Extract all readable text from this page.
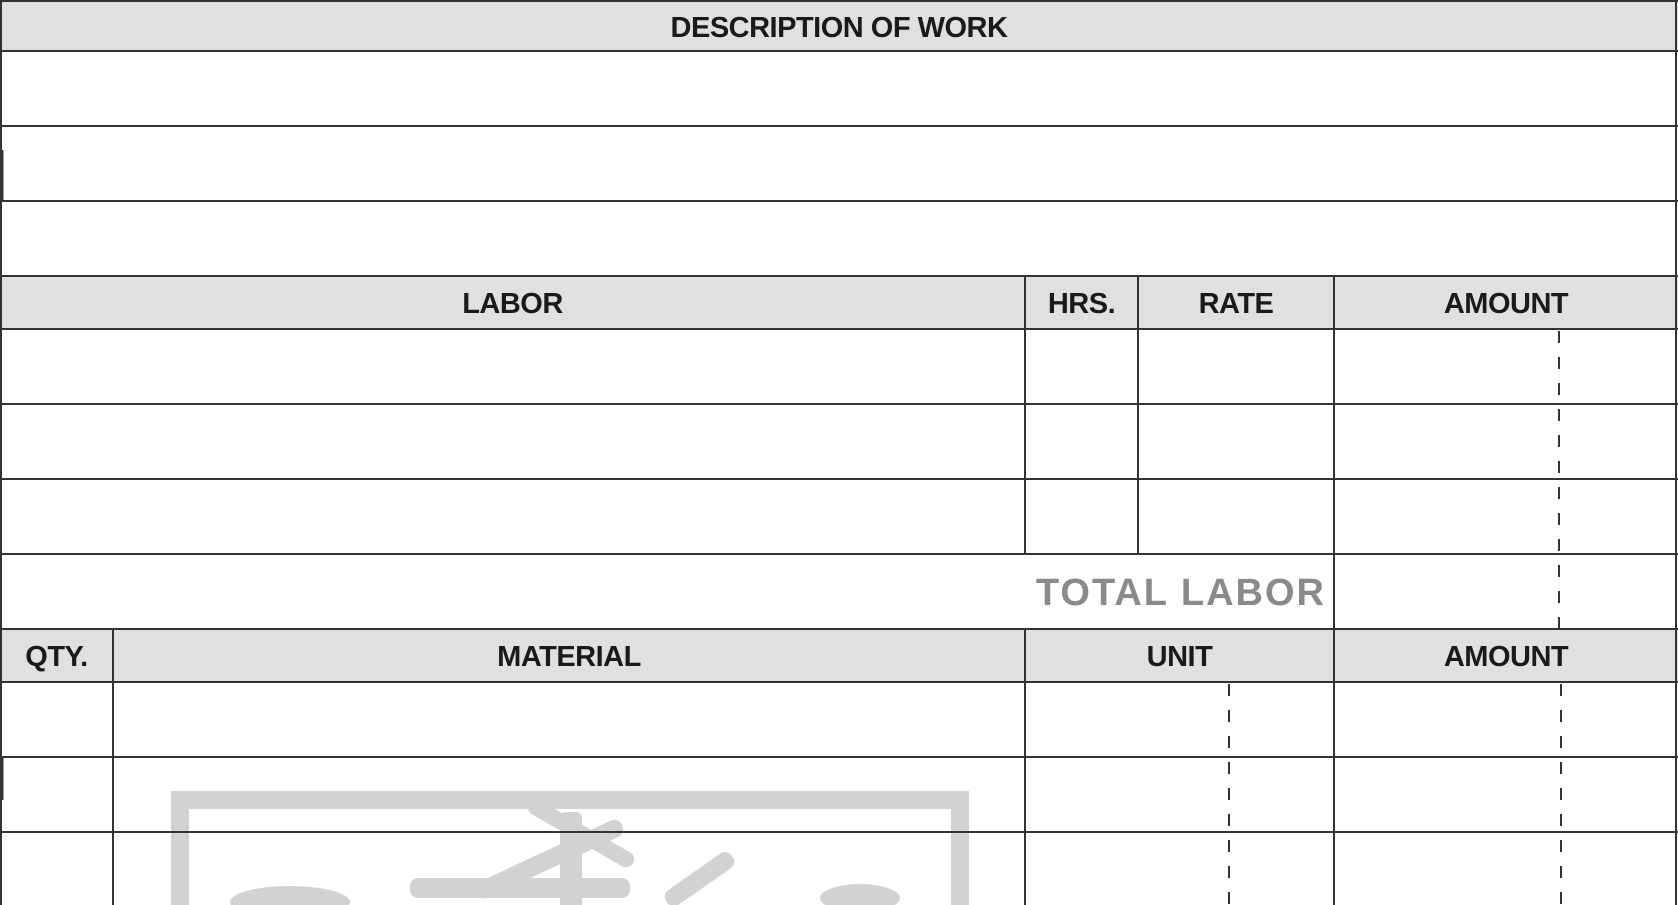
DESCRIPTION OF WORK
LABOR	HRS.	RATE	AMOUNT
TOTAL LABOR
QTY.	MATERIAL	UNIT	AMOUNT
